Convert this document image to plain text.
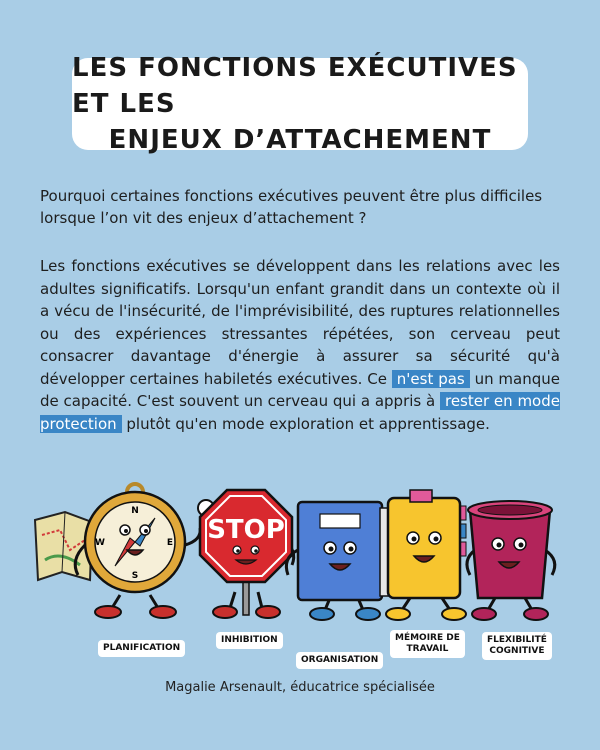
LES FONCTIONS EXÉCUTIVES ET LES
ENJEUX D’ATTACHEMENT
Pourquoi certaines fonctions exécutives peuvent être plus difficiles lorsque l’on vit des enjeux d’attachement ?
Les fonctions exécutives se développent dans les relations avec les adultes significatifs. Lorsqu'un enfant grandit dans un contexte où il a vécu de l'insécurité, de l'imprévisibilité, des ruptures relationnelles ou des expériences stressantes répétées, son cerveau peut consacrer davantage d'énergie à assurer sa sécurité qu'à développer certaines habiletés exécutives. Ce n'est pas un manque de capacité. C'est souvent un cerveau qui a appris à rester en mode protection plutôt qu'en mode exploration et apprentissage.
N
E
S
W	STOP
PLANIFICATION
INHIBITION
ORGANISATION
MÉMOIRE DE
TRAVAIL
FLEXIBILITÉ
COGNITIVE
Magalie Arsenault, éducatrice spécialisée
